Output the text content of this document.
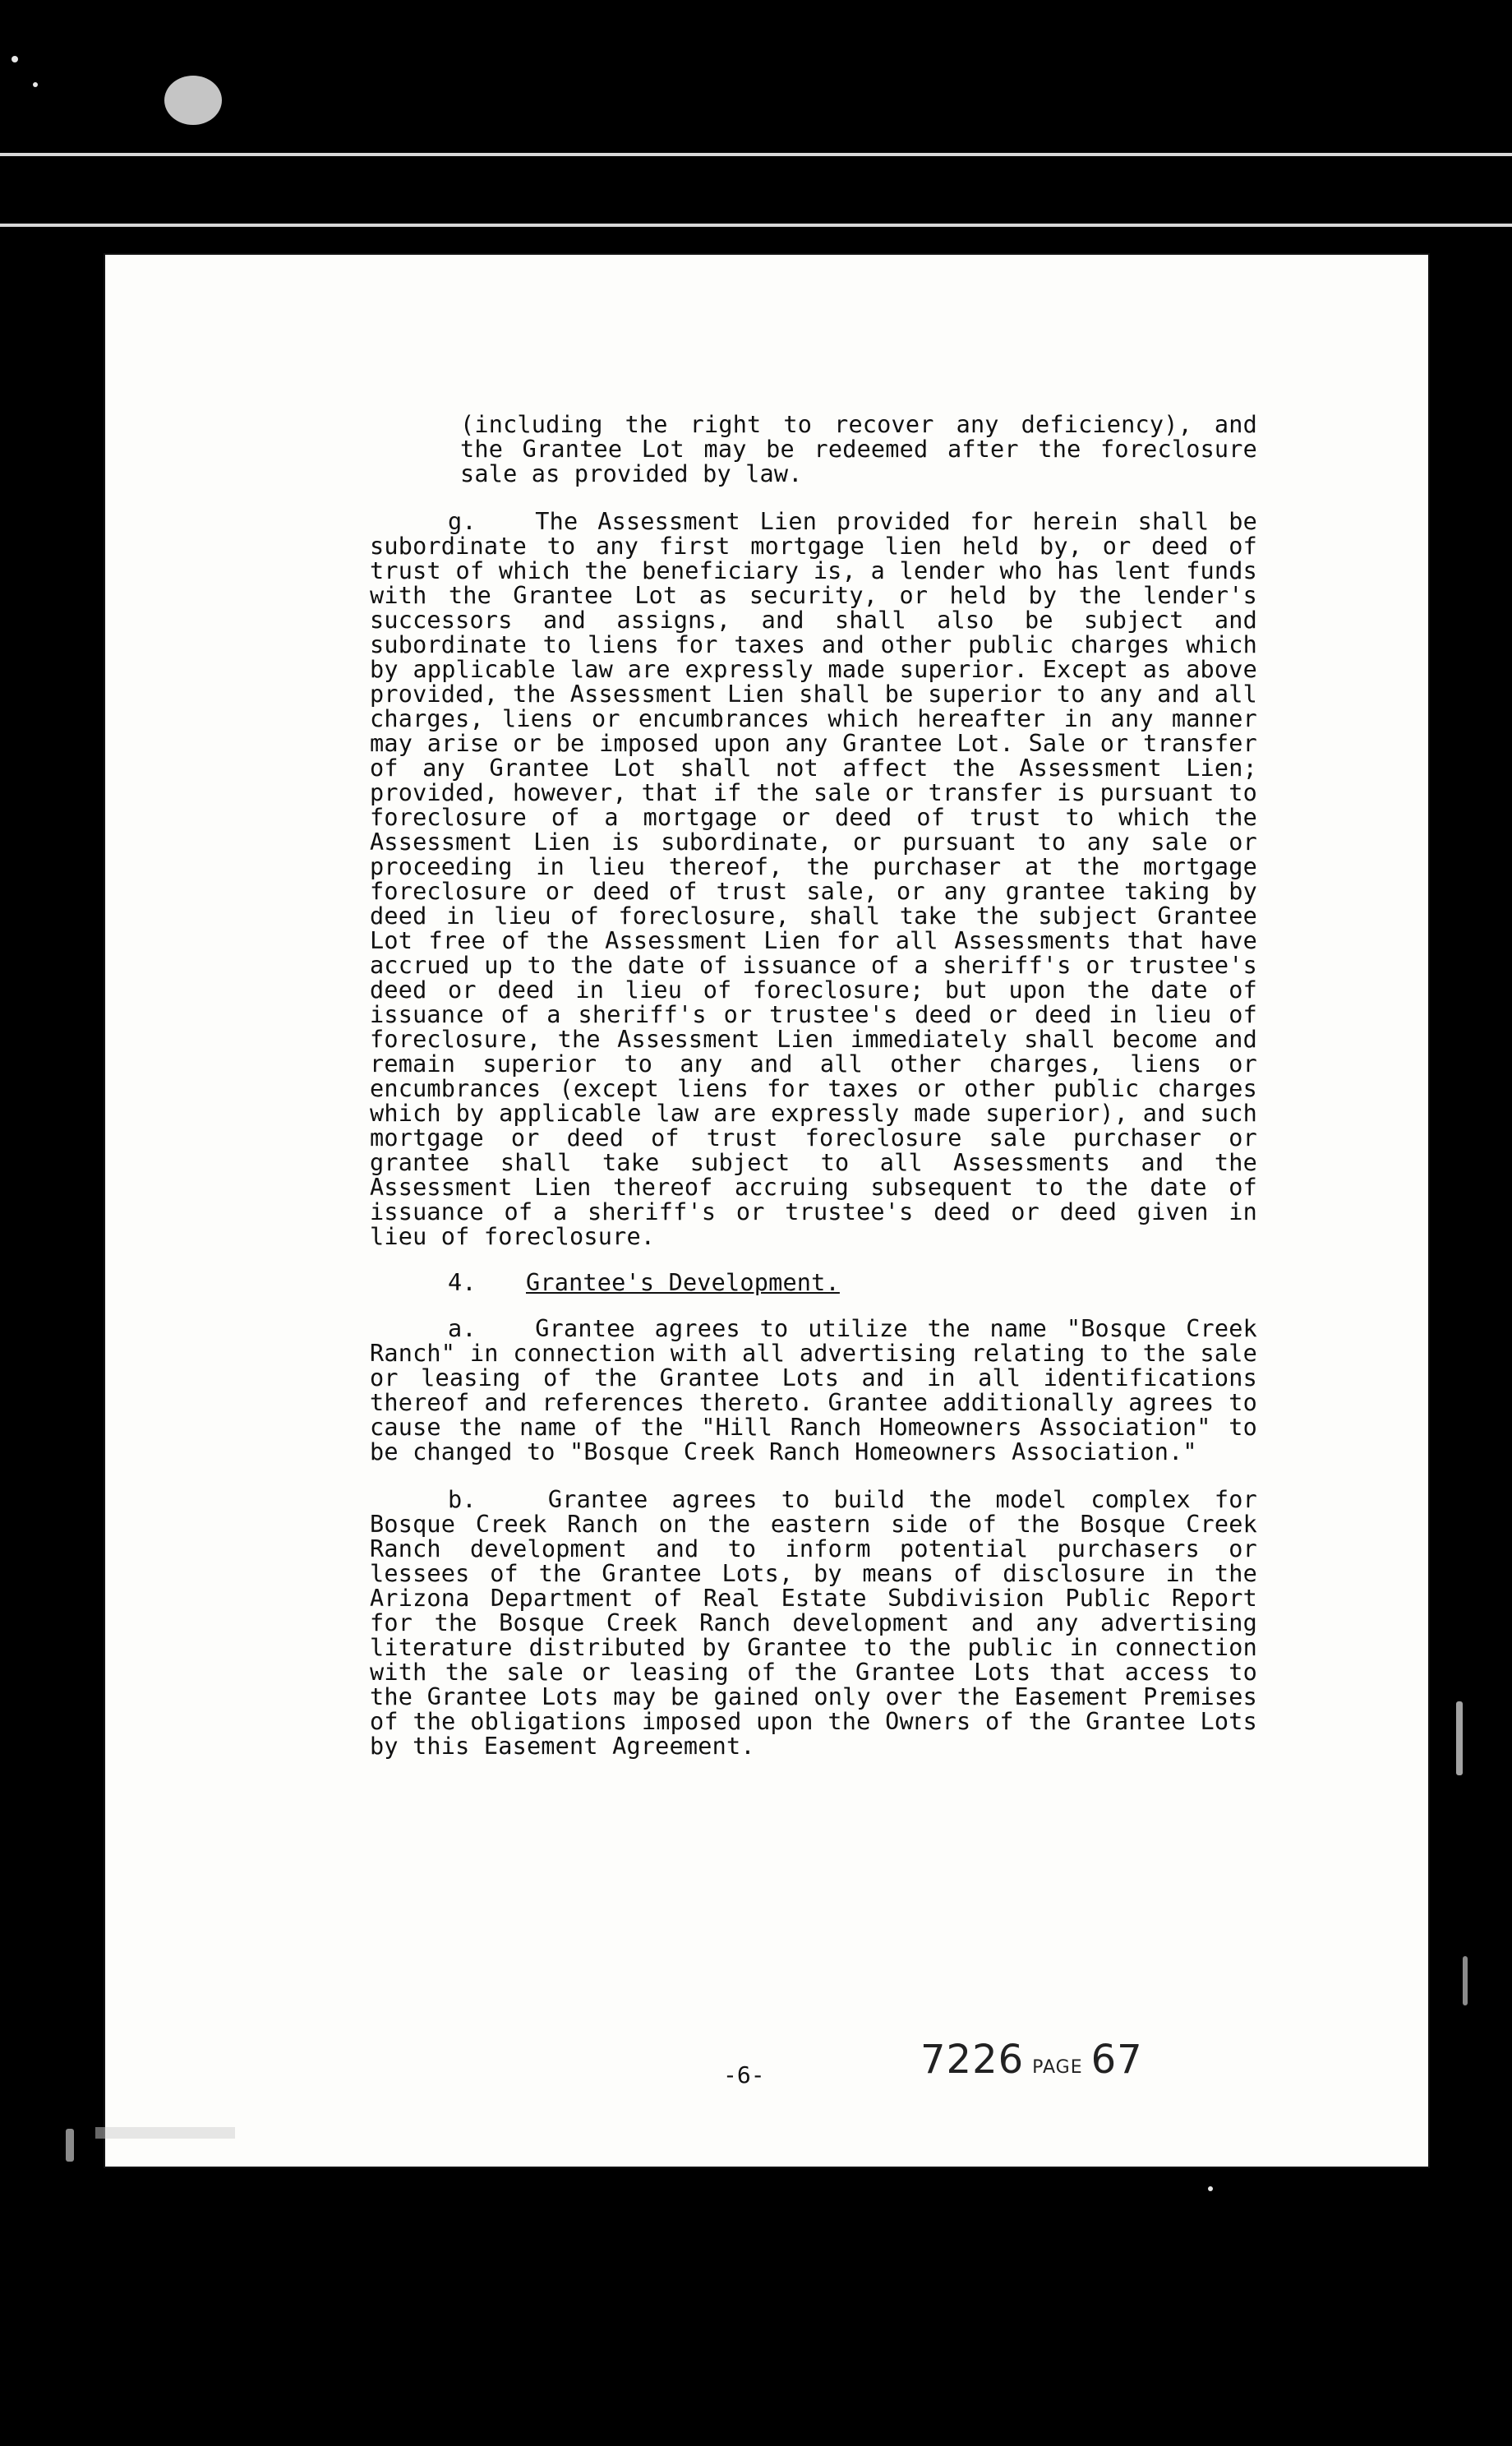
(including the right to recover any deficiency), and the Grantee Lot may be redeemed after the foreclosure sale as provided by law.

g.	The Assessment Lien provided for herein shall be subordinate to any first mortgage lien held by, or deed of trust of which the beneficiary is, a lender who has lent funds with the Grantee Lot as security, or held by the lender's successors and assigns, and shall also be subject and subordinate to liens for taxes and other public charges which by applicable law are expressly made superior. Except as above provided, the Assessment Lien shall be superior to any and all charges, liens or encumbrances which hereafter in any manner may arise or be imposed upon any Grantee Lot. Sale or transfer of any Grantee Lot shall not affect the Assessment Lien; provided, however, that if the sale or transfer is pursuant to foreclosure of a mortgage or deed of trust to which the Assessment Lien is subordinate, or pursuant to any sale or proceeding in lieu thereof, the purchaser at the mortgage foreclosure or deed of trust sale, or any grantee taking by deed in lieu of foreclosure, shall take the subject Grantee Lot free of the Assessment Lien for all Assessments that have accrued up to the date of issuance of a sheriff's or trustee's deed or deed in lieu of foreclosure; but upon the date of issuance of a sheriff's or trustee's deed or deed in lieu of foreclosure, the Assessment Lien immediately shall become and remain superior to any and all other charges, liens or encumbrances (except liens for taxes or other public charges which by applicable law are expressly made superior), and such mortgage or deed of trust foreclosure sale purchaser or grantee shall take subject to all Assessments and the Assessment Lien thereof accruing subsequent to the date of issuance of a sheriff's or trustee's deed or deed given in lieu of foreclosure.

4. Grantee's Development.

a.	Grantee agrees to utilize the name "Bosque Creek Ranch" in connection with all advertising relating to the sale or leasing of the Grantee Lots and in all identifications thereof and references thereto. Grantee additionally agrees to cause the name of the "Hill Ranch Homeowners Association" to be changed to "Bosque Creek Ranch Homeowners Association."

b.	Grantee agrees to build the model complex for Bosque Creek Ranch on the eastern side of the Bosque Creek Ranch development and to inform potential purchasers or lessees of the Grantee Lots, by means of disclosure in the Arizona Department of Real Estate Subdivision Public Report for the Bosque Creek Ranch development and any advertising literature distributed by Grantee to the public in connection with the sale or leasing of the Grantee Lots that access to the Grantee Lots may be gained only over the Easement Premises of the obligations imposed upon the Owners of the Grantee Lots by this Easement Agreement.

-6-	7226 PAGE 67
